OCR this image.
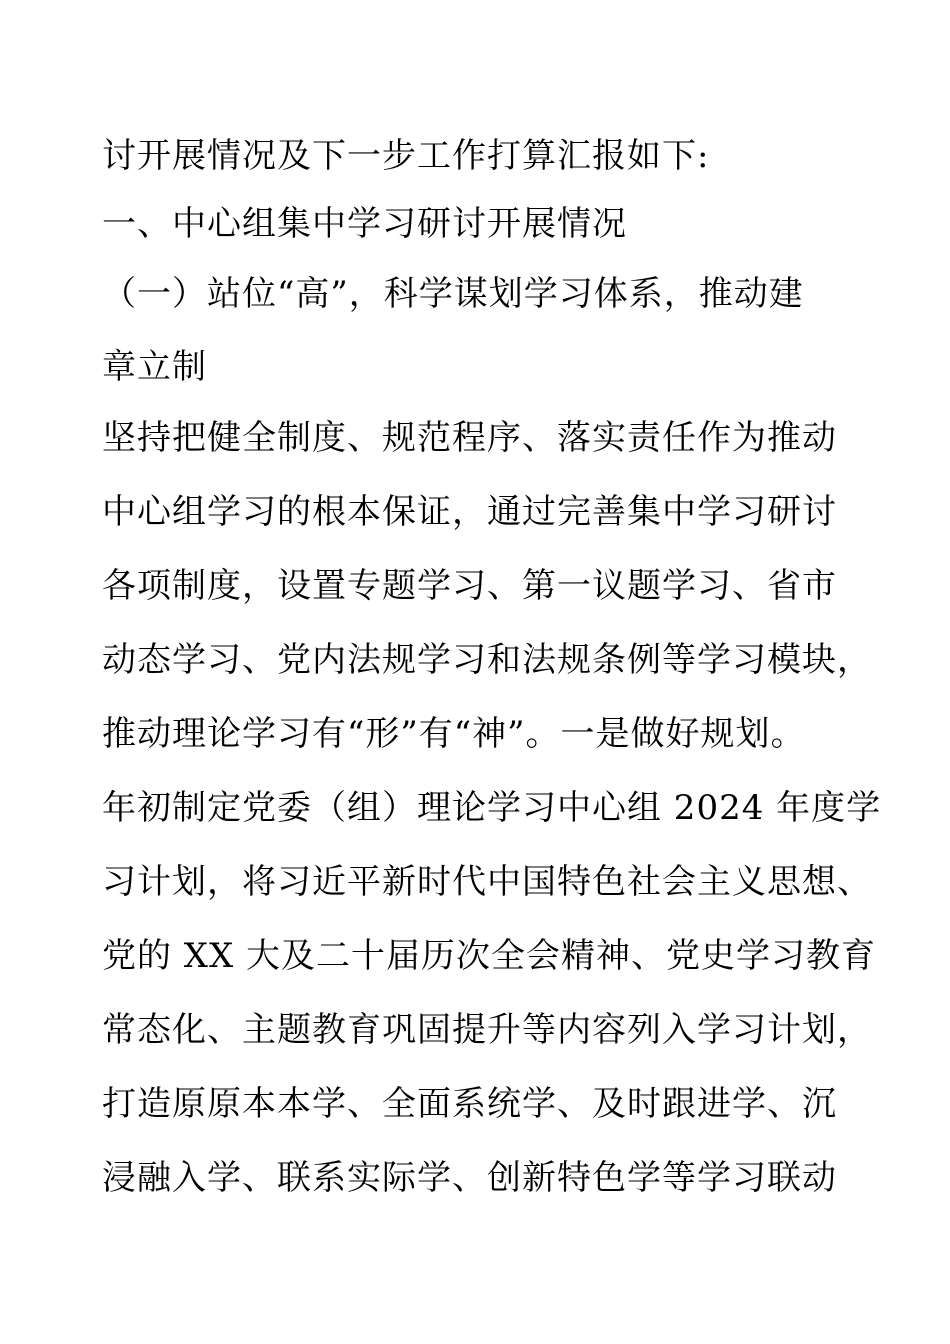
讨开展情况及下一步工作打算汇报如下:
一、中心组集中学习研讨开展情况
（一）站位“高”，科学谋划学习体系，推动建
章立制
坚持把健全制度、规范程序、落实责任作为推动
中心组学习的根本保证，通过完善集中学习研讨
各项制度，设置专题学习、第一议题学习、省市
动态学习、党内法规学习和法规条例等学习模块，
推动理论学习有“形”有“神”。一是做好规划。
年初制定党委（组）理论学习中心组 2024 年度学
习计划，将习近平新时代中国特色社会主义思想、
党的 XX 大及二十届历次全会精神、党史学习教育
常态化、主题教育巩固提升等内容列入学习计划，
打造原原本本学、全面系统学、及时跟进学、沉
浸融入学、联系实际学、创新特色学等学习联动
